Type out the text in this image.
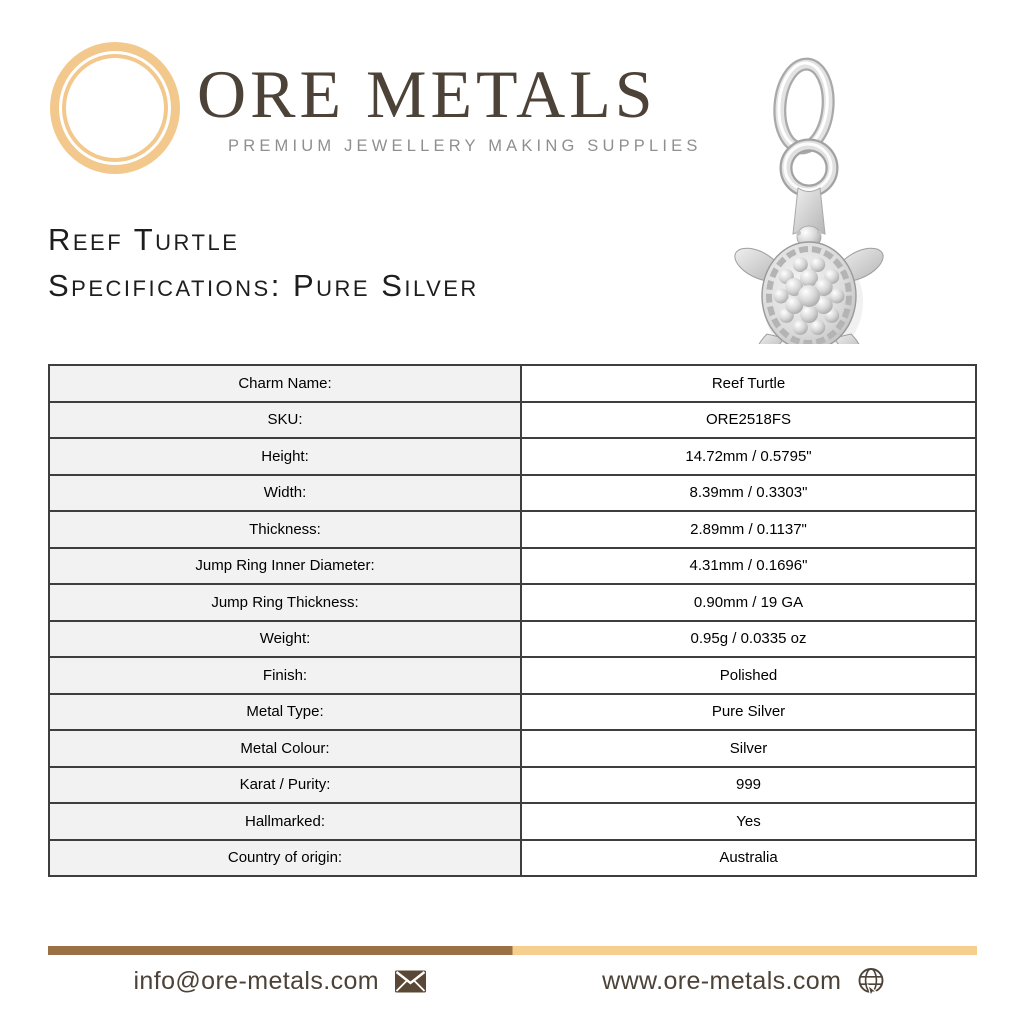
ORE METALS
PREMIUM JEWELLERY MAKING SUPPLIES
Reef Turtle
Specifications: Pure Silver
Charm Name:	Reef Turtle
SKU:	ORE2518FS
Height:	14.72mm / 0.5795"
Width:	8.39mm / 0.3303"
Thickness:	2.89mm / 0.1137"
Jump Ring Inner Diameter:	4.31mm / 0.1696"
Jump Ring Thickness:	0.90mm / 19 GA
Weight:	0.95g / 0.0335 oz
Finish:	Polished
Metal Type:	Pure Silver
Metal Colour:	Silver
Karat / Purity:	999
Hallmarked:	Yes
Country of origin:	Australia
info@ore-metals.com	www.ore-metals.com
